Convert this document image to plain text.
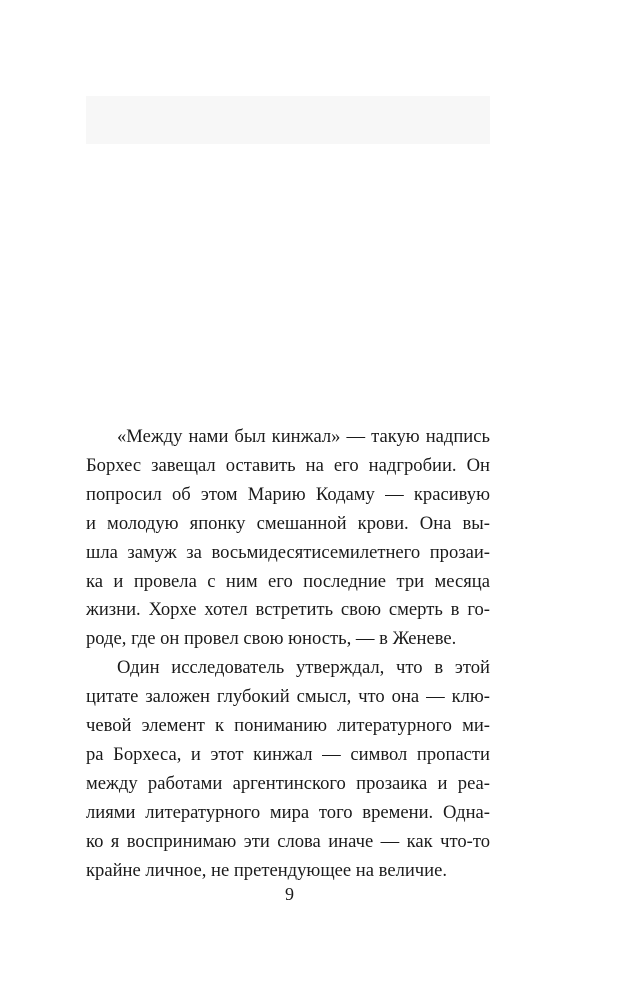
«Между нами был кинжал» — такую надпись
Борхес завещал оставить на его надгробии. Он
попросил об этом Марию Кодаму — красивую
и молодую японку смешанной крови. Она вы-
шла замуж за восьмидесятисемилетнего прозаи-
ка и провела с ним его последние три месяца
жизни. Хорхе хотел встретить свою смерть в го-
роде, где он провел свою юность, — в Женеве.
Один исследователь утверждал, что в этой
цитате заложен глубокий смысл, что она — клю-
чевой элемент к пониманию литературного ми-
ра Борхеса, и этот кинжал — символ пропасти
между работами аргентинского прозаика и реа-
лиями литературного мира того времени. Одна-
ко я воспринимаю эти слова иначе — как что-то
крайне личное, не претендующее на величие.
9
